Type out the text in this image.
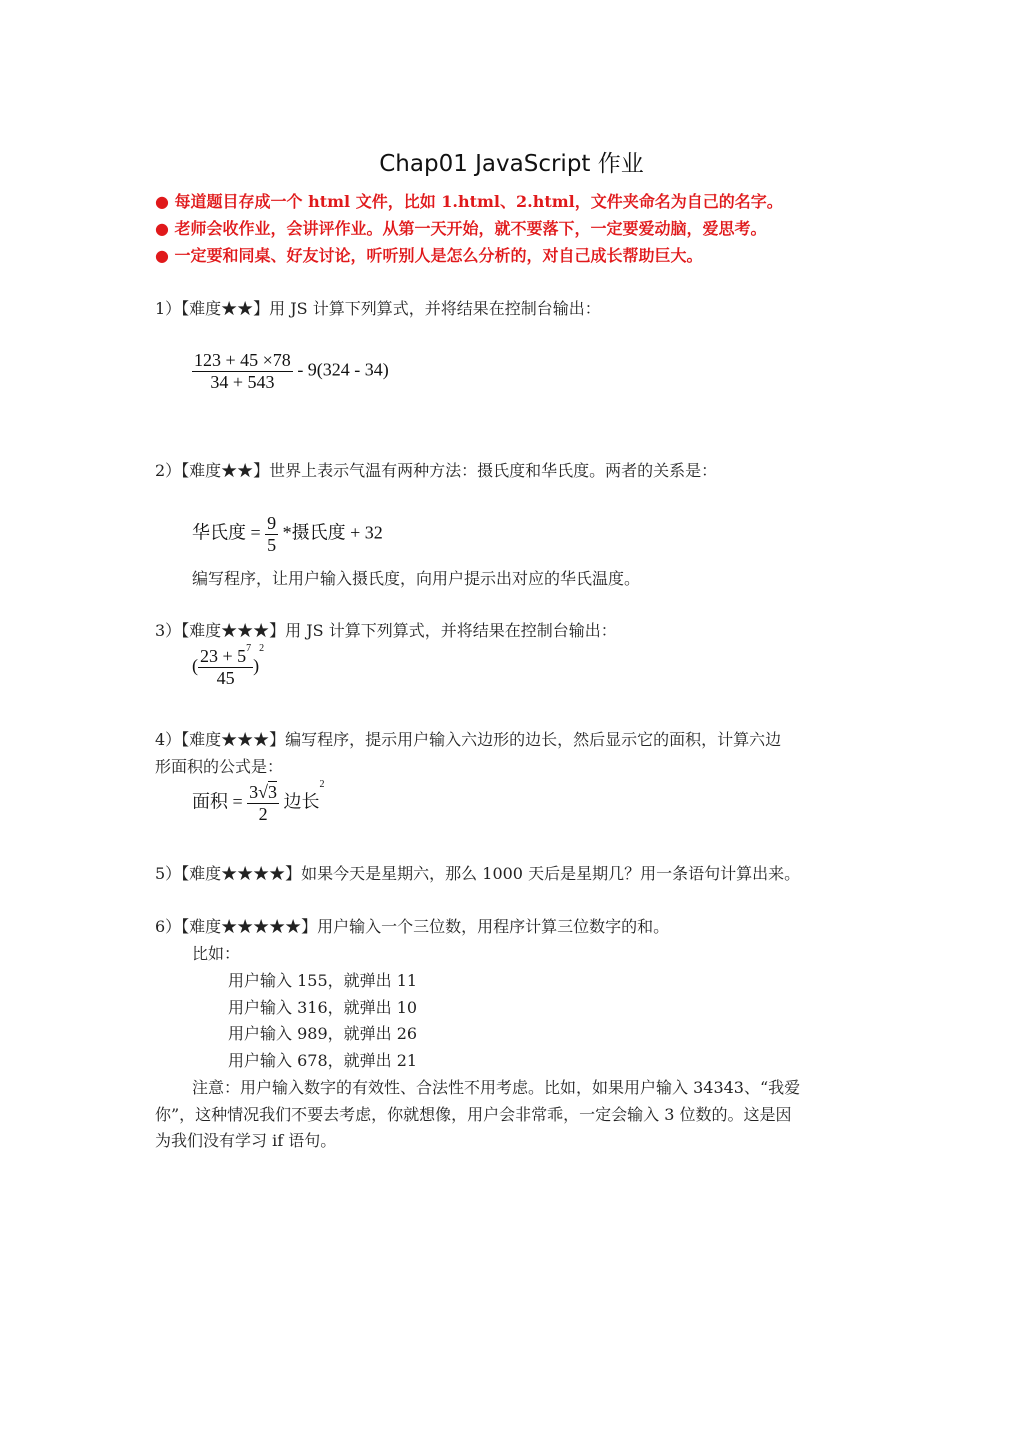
Chap01 JavaScript 作业
● 每道题目存成一个 html 文件，比如 1.html、2.html，文件夹命名为自己的名字。
● 老师会收作业，会讲评作业。从第一天开始，就不要落下，一定要爱动脑，爱思考。
● 一定要和同桌、好友讨论，听听别人是怎么分析的，对自己成长帮助巨大。
1）【难度★★】用 JS 计算下列算式，并将结果在控制台输出：
$\frac{123 + 45 \times 78}{34 + 543} - 9(324 - 34)$
2）【难度★★】世界上表示气温有两种方法：摄氏度和华氏度。两者的关系是：
华氏度 = $\frac{9}{5}$ *摄氏度 + 32
编写程序，让用户输入摄氏度，向用户提示出对应的华氏温度。
3）【难度★★★】用 JS 计算下列算式，并将结果在控制台输出：
( $\frac{23 + 5^7}{45} )^2$
4）【难度★★★】编写程序，提示用户输入六边形的边长，然后显示它的面积，计算六边
形面积的公式是：
面积 = $\frac{3√3}{2}$ 边长$^2$
5）【难度★★★★】如果今天是星期六，那么 1000 天后是星期几？用一条语句计算出来。
6）【难度★★★★★】用户输入一个三位数，用程序计算三位数字的和。
比如：
用户输入 155，就弹出 11
用户输入 316，就弹出 10
用户输入 989，就弹出 26
用户输入 678，就弹出 21
注意：用户输入数字的有效性、合法性不用考虑。比如，如果用户输入 34343、“我爱
你”，这种情况我们不要去考虑，你就想像，用户会非常乖，一定会输入 3 位数的。这是因
为我们没有学习 if 语句。
